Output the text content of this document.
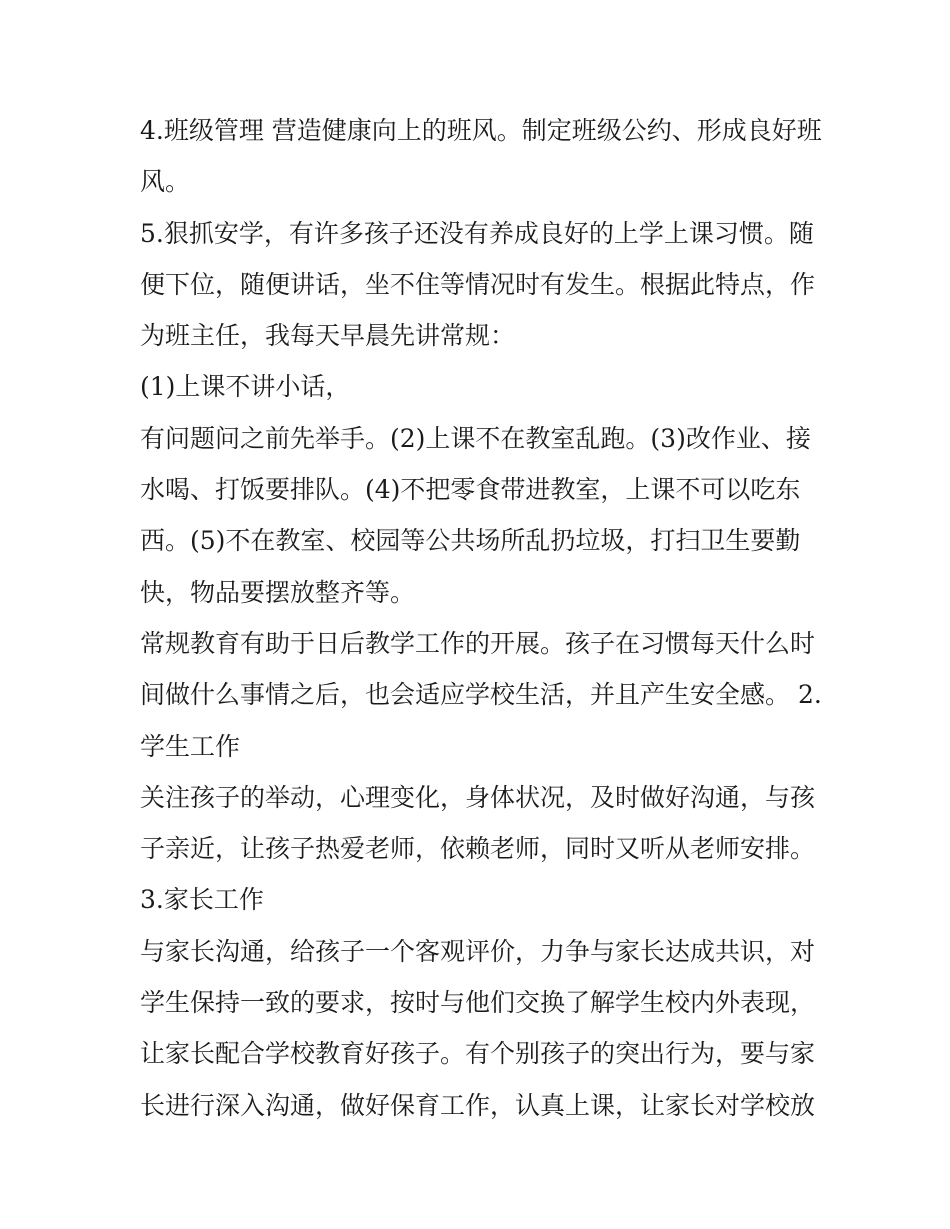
4.班级管理 营造健康向上的班风。制定班级公约、形成良好班
风。
5.狠抓安学，有许多孩子还没有养成良好的上学上课习惯。随
便下位，随便讲话，坐不住等情况时有发生。根据此特点，作
为班主任，我每天早晨先讲常规：
(1)上课不讲小话，
有问题问之前先举手。(2)上课不在教室乱跑。(3)改作业、接
水喝、打饭要排队。(4)不把零食带进教室，上课不可以吃东
西。(5)不在教室、校园等公共场所乱扔垃圾，打扫卫生要勤
快，物品要摆放整齐等。
常规教育有助于日后教学工作的开展。孩子在习惯每天什么时
间做什么事情之后，也会适应学校生活，并且产生安全感。 2.
学生工作
关注孩子的举动，心理变化，身体状况，及时做好沟通，与孩
子亲近，让孩子热爱老师，依赖老师，同时又听从老师安排。
3.家长工作
与家长沟通，给孩子一个客观评价，力争与家长达成共识，对
学生保持一致的要求，按时与他们交换了解学生校内外表现，
让家长配合学校教育好孩子。有个别孩子的突出行为，要与家
长进行深入沟通，做好保育工作，认真上课，让家长对学校放
